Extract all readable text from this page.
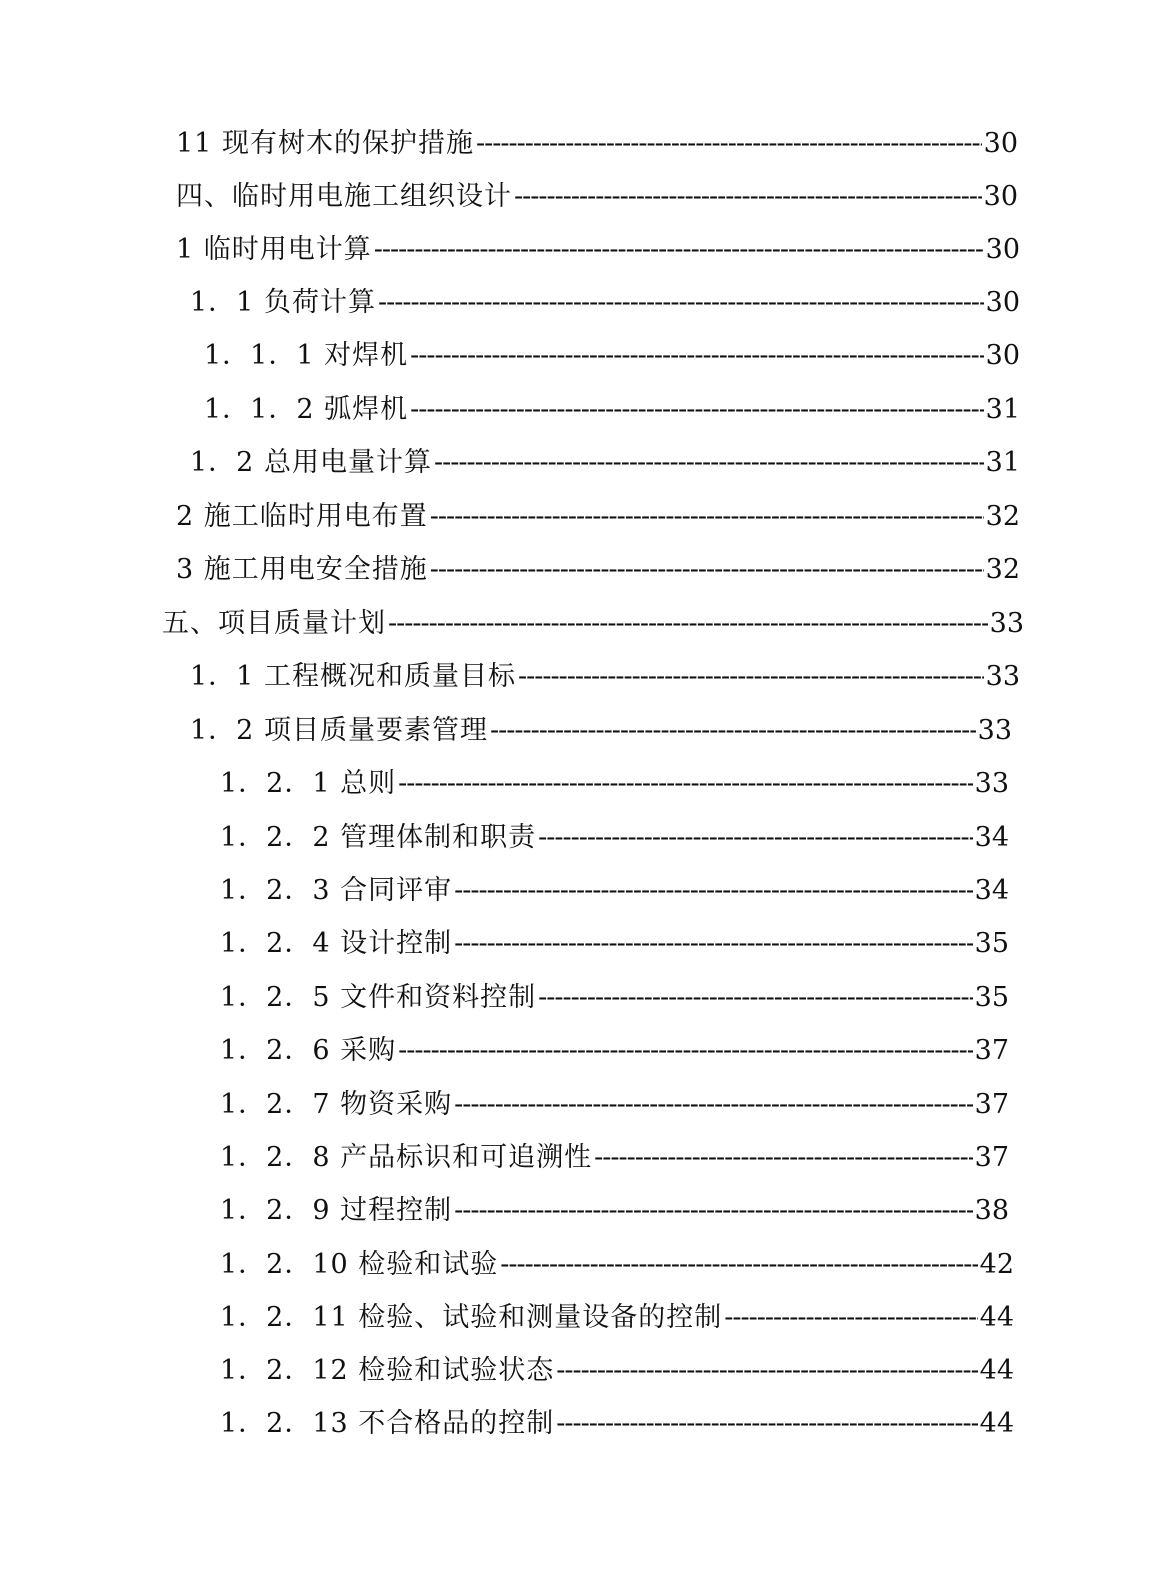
11 现有树木的保护措施 -----	30
四、临时用电施工组织设计 -----	30
1 临时用电计算 -----	30
1．1 负荷计算 -----	30
1．1．1 对焊机 -----	30
1．1．2 弧焊机 -----	31
1．2 总用电量计算 -----	31
2 施工临时用电布置 -----	32
3 施工用电安全措施 -----	32
五、项目质量计划 -----	33
1．1 工程概况和质量目标 -----	33
1．2 项目质量要素管理 -----	33
1．2．1 总则 -----	33
1．2．2 管理体制和职责 -----	34
1．2．3 合同评审 -----	34
1．2．4 设计控制 -----	35
1．2．5 文件和资料控制 -----	35
1．2．6 采购 -----	37
1．2．7 物资采购 -----	37
1．2．8 产品标识和可追溯性 -----	37
1．2．9 过程控制 -----	38
1．2．10 检验和试验 -----	42
1．2．11 检验、试验和测量设备的控制 -----	44
1．2．12 检验和试验状态 -----	44
1．2．13 不合格品的控制 -----	44
